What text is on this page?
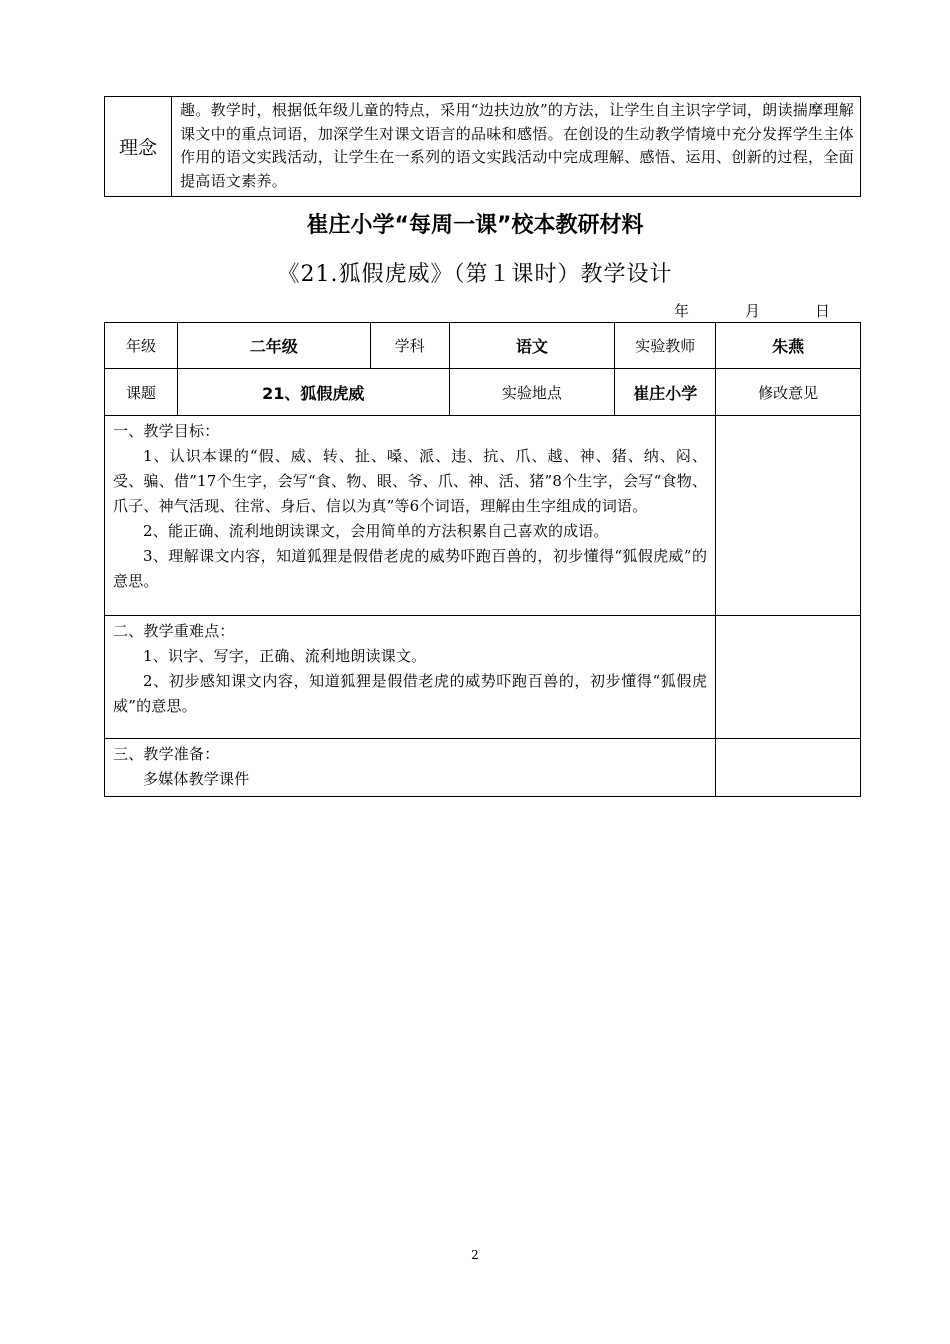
理念	趣。教学时，根据低年级儿童的特点，采用“边扶边放”的方法，让学生自主识字学词，朗读揣摩理解课文中的重点词语，加深学生对课文语言的品味和感悟。在创设的生动教学情境中充分发挥学生主体作用的语文实践活动，让学生在一系列的语文实践活动中完成理解、感悟、运用、创新的过程，全面提高语文素养。
崔庄小学“每周一课”校本教研材料
《21.狐假虎威》（第１课时）教学设计
年	月	日
年级	二年级	学科	语文	实验教师	朱燕
课题	21、狐假虎威		实验地点	崔庄小学	修改意见

一、教学目标：

1、认识本课的“假、威、转、扯、嗓、派、违、抗、爪、越、神、猪、纳、闷、受、骗、借”17个生字，会写“食、物、眼、爷、爪、神、活、猪”8个生字，会写“食物、爪子、神气活现、往常、身后、信以为真”等6个词语，理解由生字组成的词语。

2、能正确、流利地朗读课文，会用简单的方法积累自己喜欢的成语。

3、理解课文内容，知道狐狸是假借老虎的威势吓跑百兽的，初步懂得“狐假虎威”的意思。					

二、教学重难点：

1、识字、写字，正确、流利地朗读课文。

2、初步感知课文内容，知道狐狸是假借老虎的威势吓跑百兽的，初步懂得“狐假虎威”的意思。					

三、教学准备：

多媒体教学课件					

2
